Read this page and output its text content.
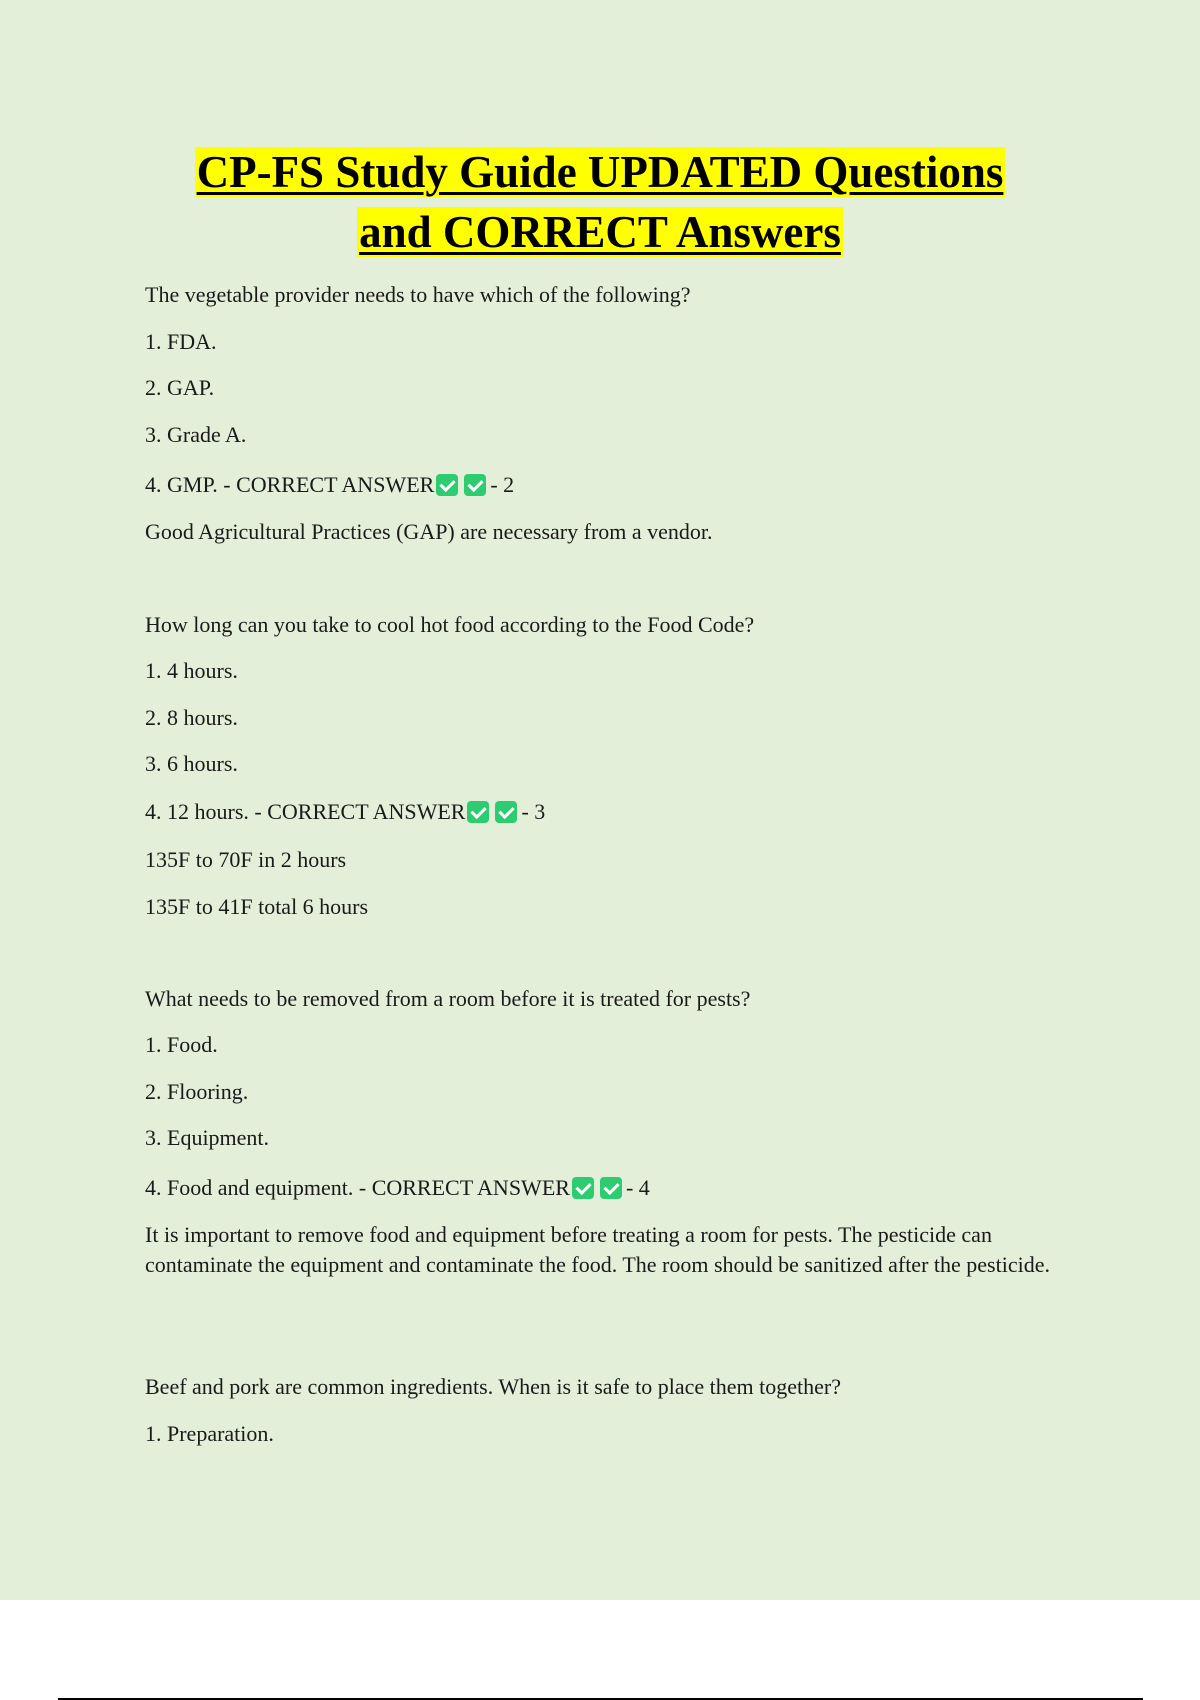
CP-FS Study Guide UPDATED Questions
and CORRECT Answers
The vegetable provider needs to have which of the following?
1. FDA.
2. GAP.
3. Grade A.
4. GMP. - CORRECT ANSWER	- 2
Good Agricultural Practices (GAP) are necessary from a vendor.
How long can you take to cool hot food according to the Food Code?
1. 4 hours.
2. 8 hours.
3. 6 hours.
4. 12 hours. - CORRECT ANSWER	- 3
135F to 70F in 2 hours
135F to 41F total 6 hours
What needs to be removed from a room before it is treated for pests?
1. Food.
2. Flooring.
3. Equipment.
4. Food and equipment. - CORRECT ANSWER	- 4
It is important to remove food and equipment before treating a room for pests. The pesticide can contaminate the equipment and contaminate the food. The room should be sanitized after the pesticide.
Beef and pork are common ingredients. When is it safe to place them together?
1. Preparation.
